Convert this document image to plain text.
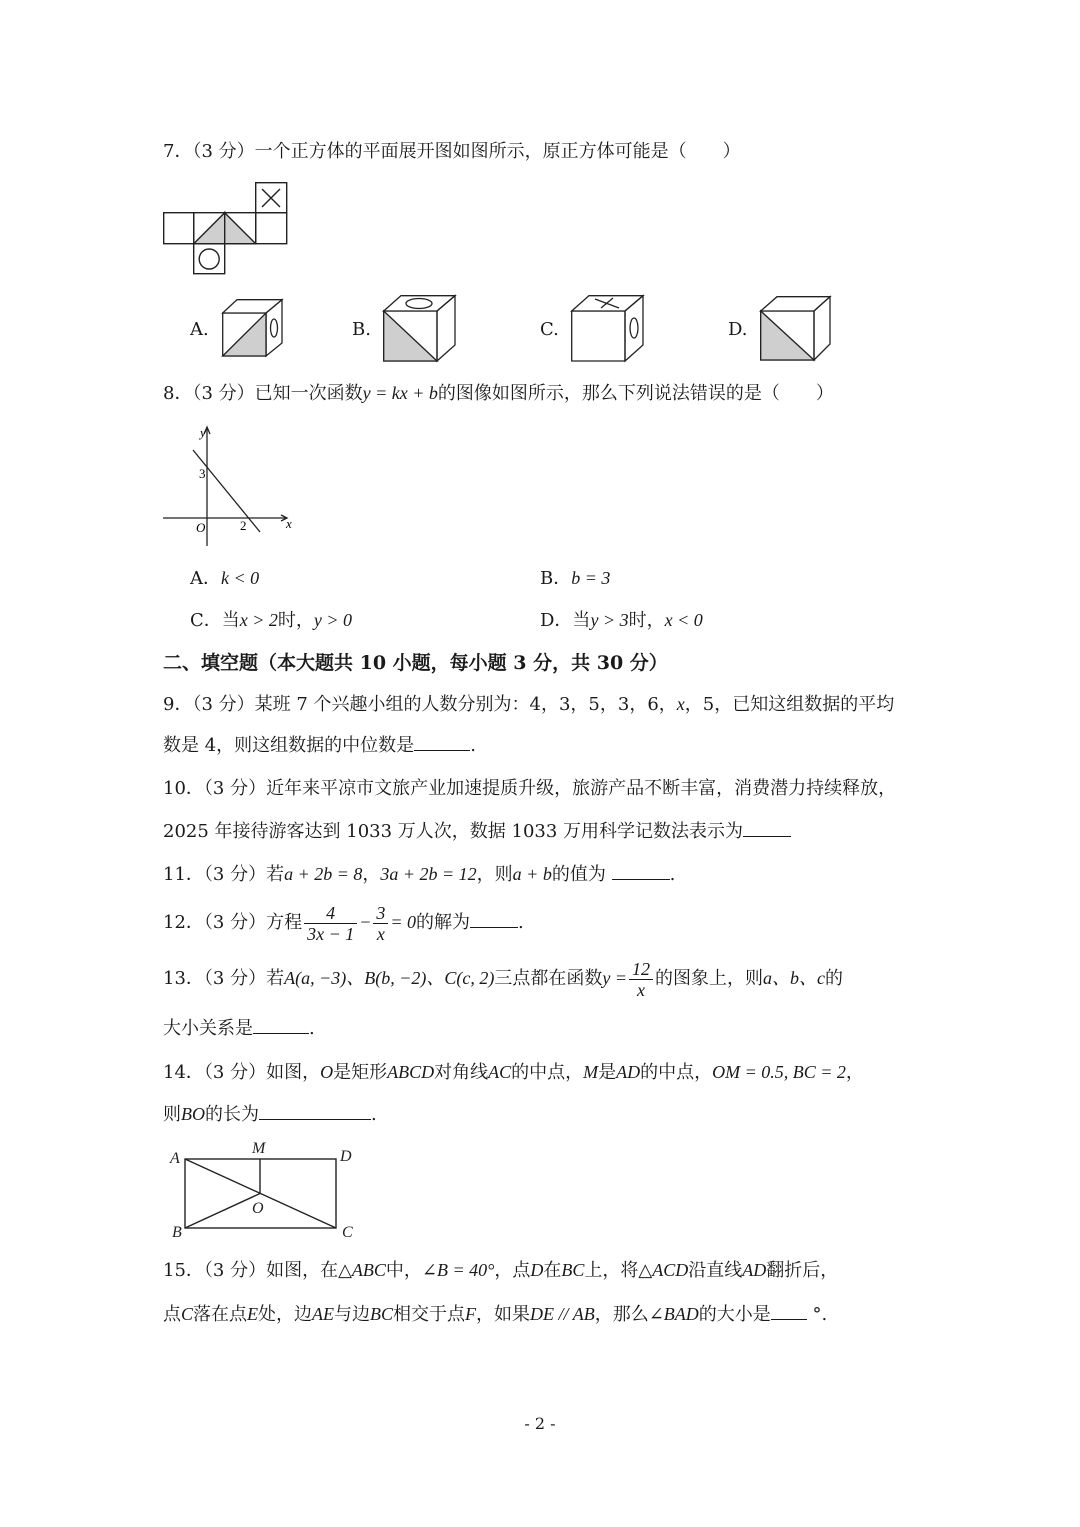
7．（3 分）一个正方体的平面展开图如图所示，原正方体可能是（　　）
A.	B.	C.	D.
8．（3 分）已知一次函数y = kx + b的图像如图所示，那么下列说法错误的是（　　）
y
x
O
3
2
A．k < 0	B．b = 3
C．当x > 2时，y > 0	D．当y > 3时，x < 0
二、填空题（本大题共 10 小题，每小题 3 分，共 30 分）
9．（3 分）某班 7 个兴趣小组的人数分别为：4，3，5，3，6，x，5，已知这组数据的平均
数是 4，则这组数据的中位数是	.
10．（3 分）近年来平凉市文旅产业加速提质升级，旅游产品不断丰富，消费潜力持续释放，
2025 年接待游客达到 1033 万人次，数据 1033 万用科学记数法表示为
11．（3 分）若a + 2b = 8，3a + 2b = 12，则a + b的值为	.
12．（3 分）方程 $\frac{4}{3x - 1} - \frac{3}{x} = 0$的解为	.
13．（3 分）若A(a, −3)、B(b, −2)、C(c, 2)三点都在函数$y = \frac{12}{x}$ 的图象上，则a、b、c的
大小关系是	.
14．（3 分）如图，O是矩形ABCD对角线AC的中点，M是AD的中点，OM = 0.5, BC = 2，
则BO的长为	.
A
M	D
B
O
C
15．（3 分）如图，在△ABC中，∠B = 40°，点D在BC上，将△ACD沿直线AD翻折后，
点C落在点E处，边AE与边BC相交于点F，如果DE // AB，那么∠BAD的大小是 °.
- 2 -
